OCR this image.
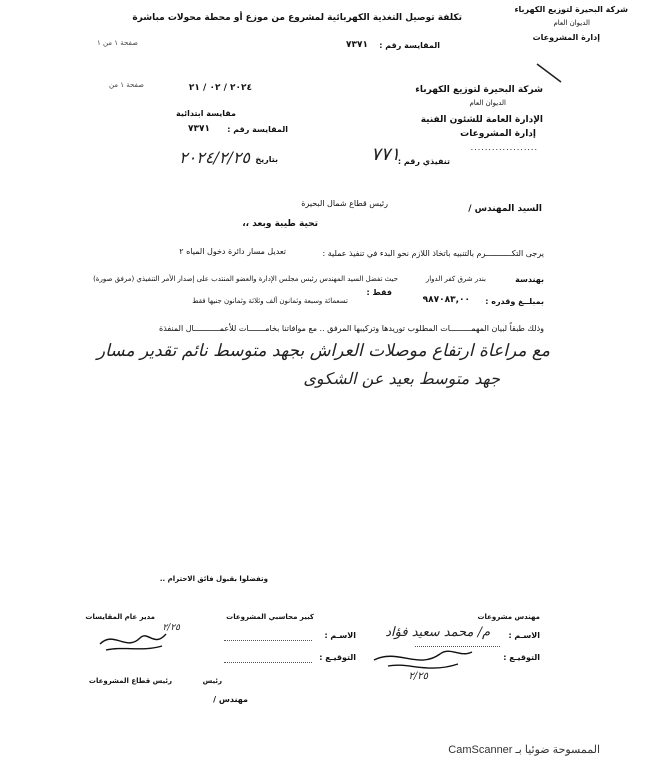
شركة البحيرة لتوزيع الكهرباء
الديوان العام
إدارة المشروعات
تكلفة توصيل التغذية الكهربائية لمشروع من موزع أو محطة محولات مباشرة
المقايسة رقم :
٧٣٧١
صفحة ١ من ١
صفحة ١ من	٢٠٢٤ / ٠٢ / ٢١	شركة البحيرة لتوزيع الكهرباء
الديوان العام
الإدارة العامة للشئون الفنية
إدارة المشروعات
...................
مقايسة ابتدائية
المقايسة رقم :
٧٣٧١
تنفيذي رقم :
٧٧١
بتاريخ
٢٠٢٤/٢/٢٥
السيد المهندس /
رئيس قطاع شمال البحيرة
تحية طيبة وبعد ،،
يرجى التكـــــــــــرم بالتنبيه باتخاذ اللازم نحو البدء في تنفيذ عملية :
تعديل مسار دائرة دخول المياه ٢
بهندسة
بندر شرق كفر الدوار
حيث تفضل السيد المهندس رئيس مجلس الإدارة والعضو المنتدب على إصدار الأمر التنفيذي (مرفق صورة)
بمبلــغ وقدره :
٩٨٧٠٨٣,٠٠
فقط :
تسعمائة وسبعة وثمانون ألف وثلاثة وثمانون جنيها فقط
وذلك طبقاً لبيان المهمـــــــــات المطلوب توريدها وتركيبها المرفق .. مع موافاتنا بخامـــــــات للأعمـــــــــــال المنفذة
مع مراعاة ارتفاع موصلات العراش بجهد متوسط نائم تقدير مسار
جهد متوسط بعيد عن الشكوى
وتفضلوا بقبول فائق الاحترام ..
مهندس مشروعات
الاسـم :
م/ محمد سعيد فؤاد
التوقيـع :
٢/٢٥
كبير محاسبي المشروعات
الاسـم :
التوقيـع :
مدير عام المقايسات
٢/٢٥
رئيس
رئيس قطاع المشروعات
مهندس /
الممسوحة ضوئيا بـ CamScanner
